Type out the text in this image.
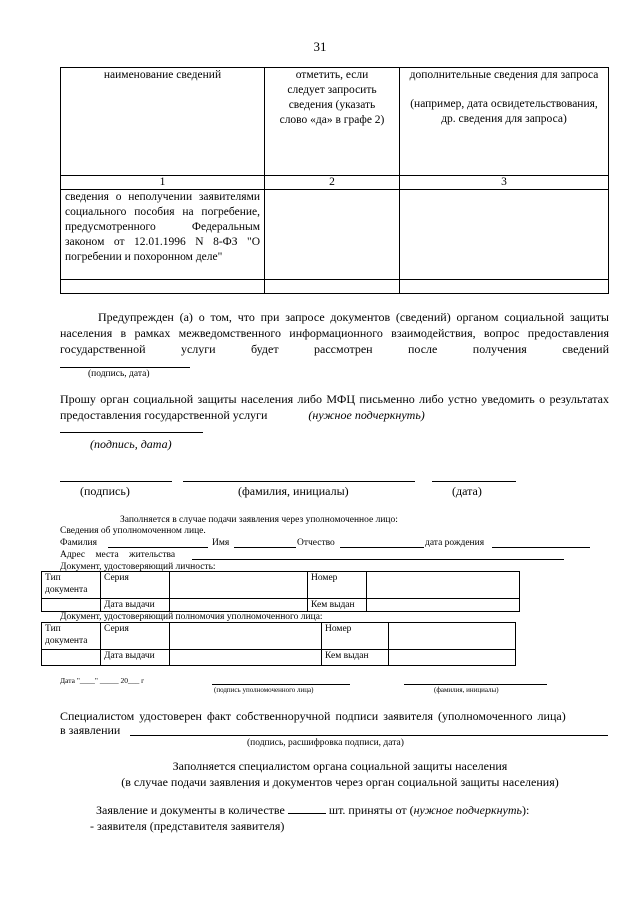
31
наименование сведений	отметить, если следует запросить сведения (указать слово «да» в графе 2)	дополнительные сведения для запроса
(например, дата освидетельствования, др. сведения для запроса)

1	2	3
сведения о неполучении заявителями социального пособия на погребение, предусмотренного Федеральным законом от 12.01.1996 N 8-ФЗ "О погребении и похоронном деле"		

Предупрежден (а) о том, что при запросе документов (сведений) органом социальной защиты населения в рамках межведомственного информационного взаимодействия, вопрос предоставления государственной услуги будет рассмотрен после получения сведений
(подпись, дата)
Прошу орган социальной защиты населения либо МФЦ письменно либо устно уведомить о результатах предоставления государственной услуги	(нужное подчеркнуть)
(подпись, дата)
(подпись)	(фамилия, инициалы)	(дата)
Заполняется в случае подачи заявления через уполномоченное лицо:
Сведения об уполномоченном лице.
Фамилия	Имя	Отчество	дата рождения
Адрес места жительства
Документ, удостоверяющий личность:
Тип документа	Серия		Номер	
	Дата выдачи		Кем выдан	
Документ, удостоверяющий полномочия уполномоченного лица:
Тип документа	Серия		Номер	
	Дата выдачи		Кем выдан	
Дата "____" _____ 20___ г
(подпись уполномоченного лица)	(фамилия, инициалы)
Специалистом удостоверен факт собственноручной подписи заявителя (уполномоченного лица)
в заявлении
(подпись, расшифровка подписи, дата)
Заполняется специалистом органа социальной защиты населения
(в случае подачи заявления и документов через орган социальной защиты населения)
Заявление и документы в количестве	шт. приняты от (нужное подчеркнуть):
- заявителя (представителя заявителя)
